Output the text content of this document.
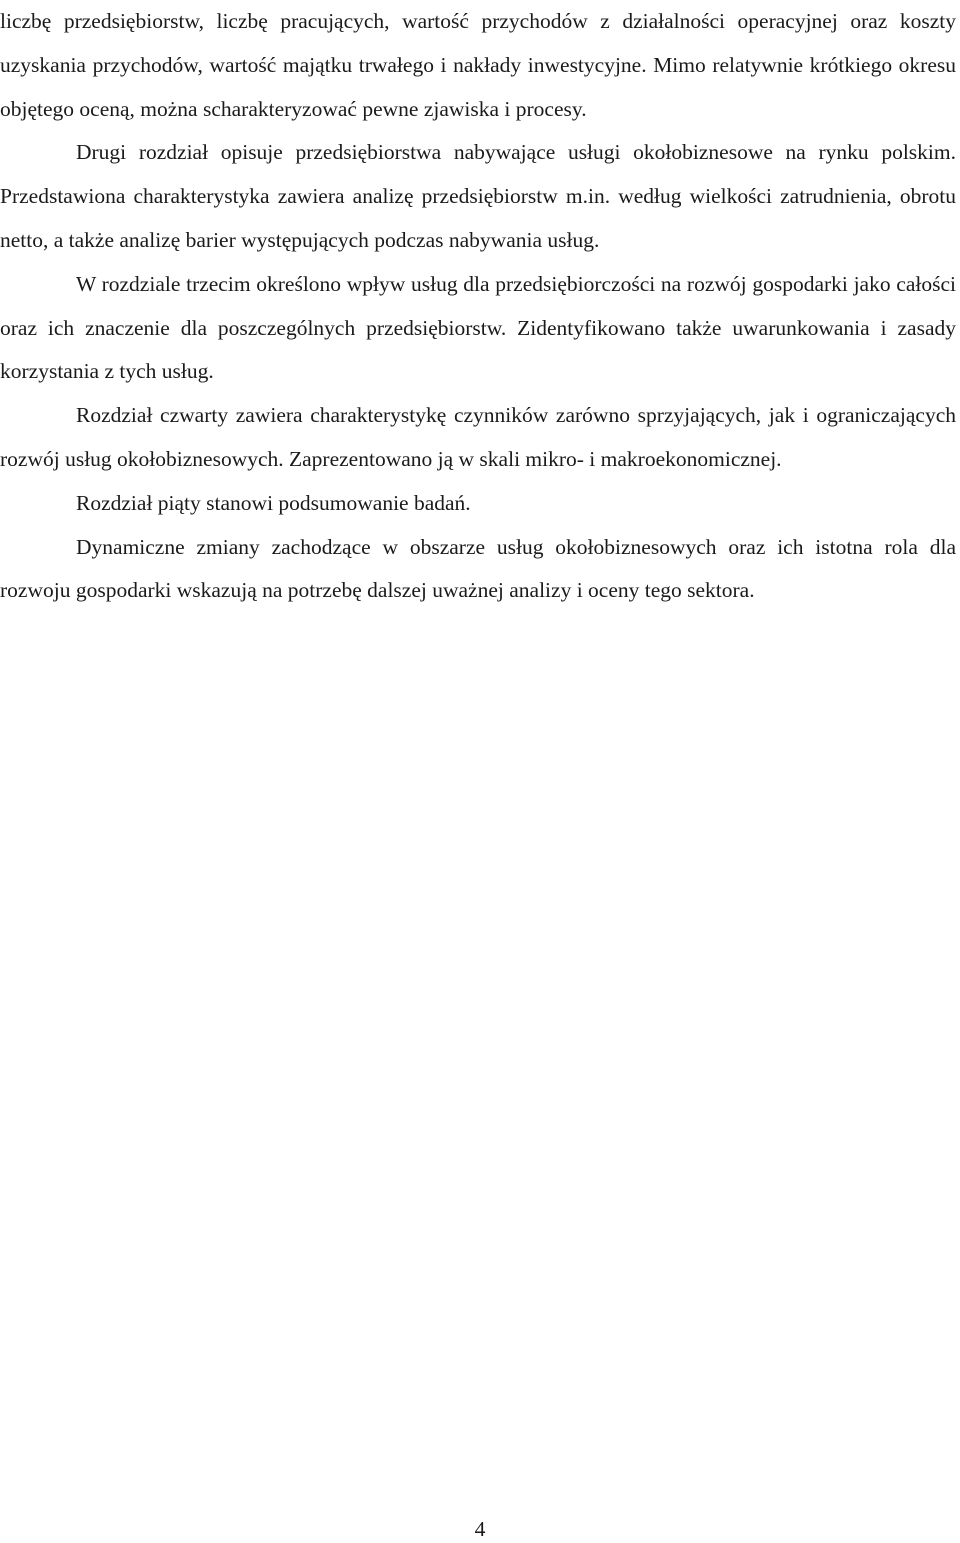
liczbę przedsiębiorstw, liczbę pracujących, wartość przychodów z działalności operacyjnej oraz koszty uzyskania przychodów, wartość majątku trwałego i nakłady inwestycyjne. Mimo relatywnie krótkiego okresu objętego oceną, można scharakteryzować pewne zjawiska i procesy.

Drugi rozdział opisuje przedsiębiorstwa nabywające usługi okołobiznesowe na rynku polskim. Przedstawiona charakterystyka zawiera analizę przedsiębiorstw m.in. według wielkości zatrudnienia, obrotu netto, a także analizę barier występujących podczas nabywania usług.

W rozdziale trzecim określono wpływ usług dla przedsiębiorczości na rozwój gospodarki jako całości oraz ich znaczenie dla poszczególnych przedsiębiorstw. Zidentyfikowano także uwarunkowania i zasady korzystania z tych usług.

Rozdział czwarty zawiera charakterystykę czynników zarówno sprzyjających, jak i ograniczających rozwój usług okołobiznesowych. Zaprezentowano ją w skali mikro- i makroekonomicznej.

Rozdział piąty stanowi podsumowanie badań.

Dynamiczne zmiany zachodzące w obszarze usług okołobiznesowych oraz ich istotna rola dla rozwoju gospodarki wskazują na potrzebę dalszej uważnej analizy i oceny tego sektora.

4
